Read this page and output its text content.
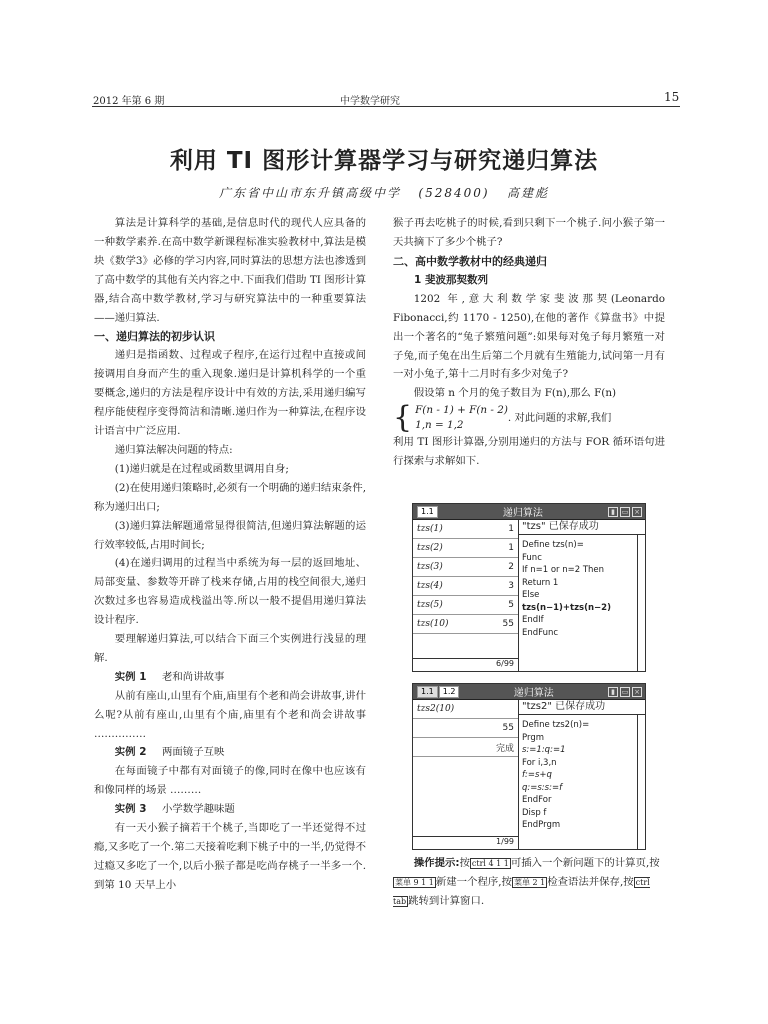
2012 年第 6 期	中学数学研究	15
利用 TI 图形计算器学习与研究递归算法
广东省中山市东升镇高级中学 (528400) 高建彪

算法是计算科学的基础,是信息时代的现代人应具备的一种数学素养.在高中数学新课程标准实验教材中,算法是模块《数学3》必修的学习内容,同时算法的思想方法也渗透到了高中数学的其他有关内容之中.下面我们借助 TI 图形计算器,结合高中数学教材,学习与研究算法中的一种重要算法——递归算法.

一、递归算法的初步认识

递归是指函数、过程或子程序,在运行过程中直接或间接调用自身而产生的重入现象.递归是计算机科学的一个重要概念,递归的方法是程序设计中有效的方法,采用递归编写程序能使程序变得简洁和清晰.递归作为一种算法,在程序设计语言中广泛应用.

递归算法解决问题的特点:

(1)递归就是在过程或函数里调用自身;

(2)在使用递归策略时,必须有一个明确的递归结束条件,称为递归出口;

(3)递归算法解题通常显得很简洁,但递归算法解题的运行效率较低,占用时间长;

(4)在递归调用的过程当中系统为每一层的返回地址、局部变量、参数等开辟了栈来存储,占用的栈空间很大,递归次数过多也容易造成栈溢出等.所以一般不提倡用递归算法设计程序.

要理解递归算法,可以结合下面三个实例进行浅显的理解.

实例 1 老和尚讲故事

从前有座山,山里有个庙,庙里有个老和尚会讲故事,讲什么呢?从前有座山,山里有个庙,庙里有个老和尚会讲故事 ……………

实例 2 两面镜子互映

在每面镜子中都有对面镜子的像,同时在像中也应该有和像同样的场景 ………

实例 3 小学数学趣味题

有一天小猴子摘若干个桃子,当即吃了一半还觉得不过瘾,又多吃了一个.第二天接着吃剩下桃子中的一半,仍觉得不过瘾又多吃了一个,以后小猴子都是吃尚存桃子一半多一个.到第 10 天早上小

猴子再去吃桃子的时候,看到只剩下一个桃子.问小猴子第一天共摘下了多少个桃子?

二、高中数学教材中的经典递归
1 斐波那契数列

1202 年,意大利数学家斐波那契(Leonardo Fibonacci,约 1170 - 1250),在他的著作《算盘书》中提出一个著名的“兔子繁殖问题”:如果每对兔子每月繁殖一对子兔,而子兔在出生后第二个月就有生殖能力,试问第一月有一对小兔子,第十二月时有多少对兔子?

假设第 n 个月的兔子数目为 F(n),那么 F(n)

{ F(n - 1) + F(n - 2)
1,n = 1,2
. 对此问题的求解,我们

利用 TI 图形计算器,分别用递归的方法与 FOR 循环语句进行探索与求解如下.

1.1	递归算法	▮ ▭ ×
tzs(1)	1
tzs(2)	1
tzs(3)	2
tzs(4)	3
tzs(5)	5
tzs(10)	55
6/99
"tzs" 已保存成功
Define tzs(n)=
Func
If n=1 or n=2 Then
Return 1
Else
tzs(n−1)+tzs(n−2)
EndIf
EndFunc
1.1	1.2	递归算法	▮ ▭ ×
tzs2(10)
55
完成
1/99
"tzs2" 已保存成功
Define tzs2(n)=
Prgm
s:=1:q:=1
For i,3,n
f:=s+q
q:=s:s:=f
EndFor
Disp f
EndPrgm
操作提示:按 ctrl 4 1 1 可插入一个新问题下的计算页,按菜单 9 1 1 新建一个程序,按 菜单 2 1 检查语法并保存,按 ctrl tab 跳转到计算窗口.
